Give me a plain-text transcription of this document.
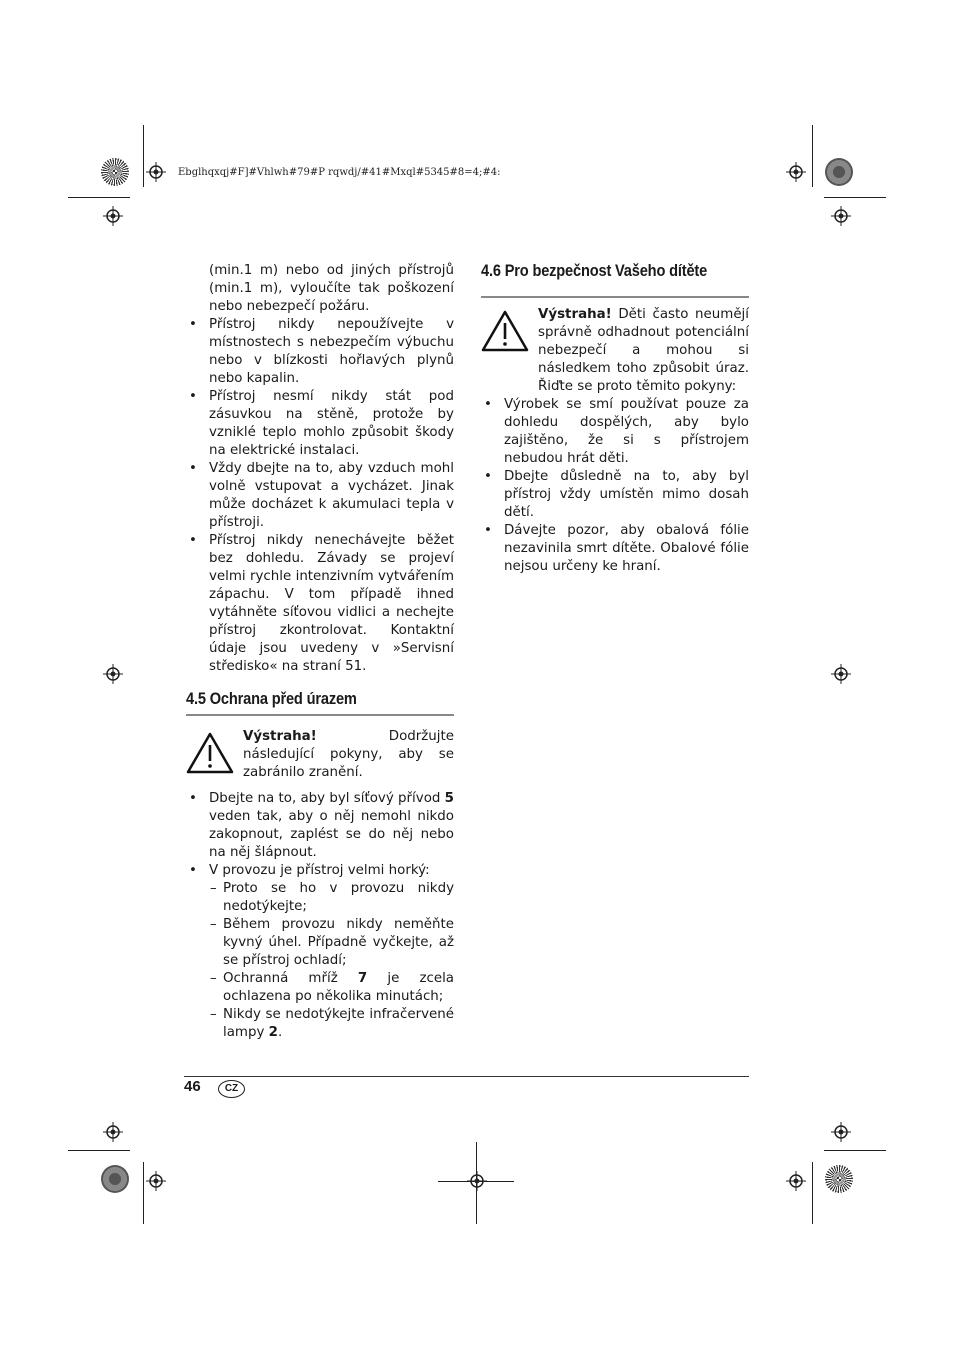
Ebglhqxqj#F]#Vhlwh#79#P rqwdj/#41#Mxql#5345#8=4;#4:

(min.1 m) nebo od jiných přístrojů (min.1 m), vyloučíte tak poškození nebo nebezpečí požáru.

• Přístroj nikdy nepoužívejte v místnostech s nebezpečím výbuchu nebo v blízkosti hořlavých plynů nebo kapalin.

• Přístroj nesmí nikdy stát pod zásuvkou na stěně, protože by vzniklé teplo mohlo způsobit škody na elektrické instalaci.

• Vždy dbejte na to, aby vzduch mohl volně vstupovat a vycházet. Jinak může docházet k akumulaci tepla v přístroji.

• Přístroj nikdy nenechávejte běžet bez dohledu. Závady se projeví velmi rychle intenzivním vytvářením zápachu. V tom případě ihned vytáhněte síťovou vidlici a nechejte přístroj zkontrolovat. Kontaktní údaje jsou uvedeny v »Servisní středisko« na straní 51.

4.5 Ochrana před úrazem

Výstraha! Dodržujte následující pokyny, aby se zabránilo zranění.

• Dbejte na to, aby byl síťový přívod 5 veden tak, aby o něj nemohl nikdo zakopnout, zaplést se do něj nebo na něj šlápnout.

• V provozu je přístroj velmi horký:

– Proto se ho v provozu nikdy nedotýkejte;

– Během provozu nikdy neměňte kyvný úhel. Případně vyčkejte, až se přístroj ochladí;

– Ochranná mříž 7 je zcela ochlazena po několika minutách;

– Nikdy se nedotýkejte infračervené lampy 2.

4.6 Pro bezpečnost Vašeho dítěte

Výstraha! Děti často neumějí správně odhadnout potenciální nebezpečí a mohou si následkem toho způsobit úraz. Řiďte se proto těmito pokyny:

• Výrobek se smí používat pouze za dohledu dospělých, aby bylo zajištěno, že si s přístrojem nebudou hrát děti.

• Dbejte důsledně na to, aby byl přístroj vždy umístěn mimo dosah dětí.

• Dávejte pozor, aby obalová fólie nezavinila smrt dítěte. Obalové fólie nejsou určeny ke hraní.

46	CZ
